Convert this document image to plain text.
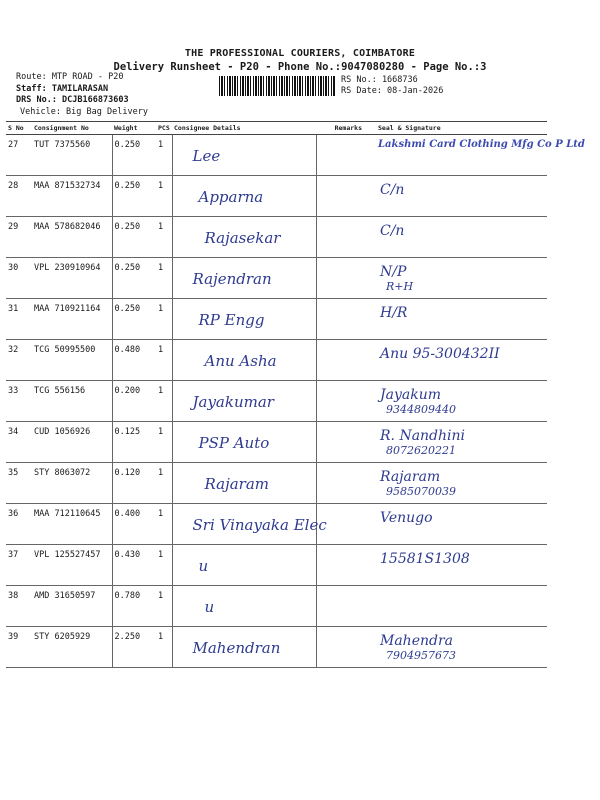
THE PROFESSIONAL COURIERS, COIMBATORE
Delivery Runsheet - P20 - Phone No.:9047080280 - Page No.:3
Route: MTP ROAD - P20
Staff: TAMILARASAN
DRS No.: DCJB166873603
Vehicle: Big Bag Delivery
RS No.: 1668736
RS Date: 08-Jan-2026
S No	Consignment No	Weight	PCS	Consignee Details	Remarks	Seal & Signature
27	TUT 7375560	0.250	1	Lee		Lakshmi Card Clothing Mfg Co P Ltd

28	MAA 871532734	0.250	1	Apparna		C/n

29	MAA 578682046	0.250	1	Rajasekar		C/n

30	VPL 230910964	0.250	1	Rajendran		N/P
R+H

31	MAA 710921164	0.250	1	RP Engg		H/R

32	TCG 50995500	0.480	1	Anu Asha		Anu 95-300432II

33	TCG 556156	0.200	1	Jayakumar		Jayakum
9344809440

34	CUD 1056926	0.125	1	PSP Auto		R. Nandhini
8072620221

35	STY 8063072	0.120	1	Rajaram		Rajaram
9585070039

36	MAA 712110645	0.400	1	Sri Vinayaka Elec		Venugo

37	VPL 125527457	0.430	1	u		15581S1308

38	AMD 31650597	0.780	1	u		

39	STY 6205929	2.250	1	Mahendran		Mahendra
7904957673
